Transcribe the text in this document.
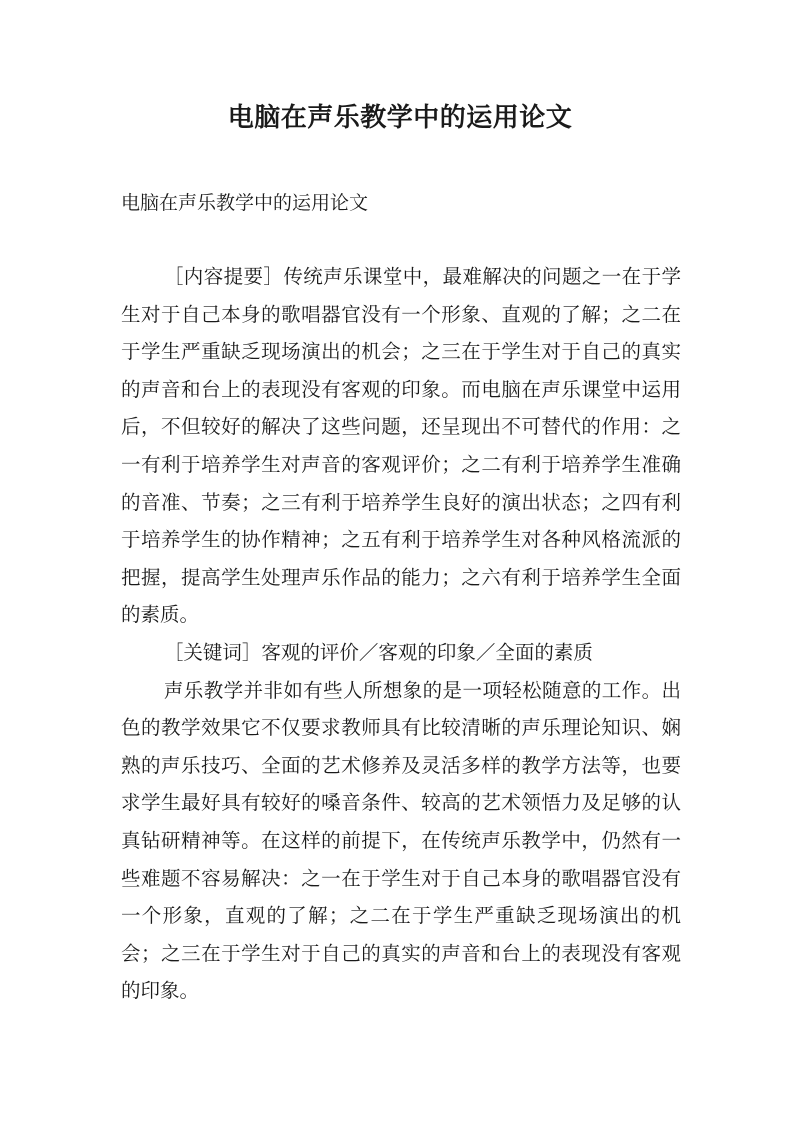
电脑在声乐教学中的运用论文
电脑在声乐教学中的运用论文

［内容提要］传统声乐课堂中，最难解决的问题之一在于学生对于自己本身的歌唱器官没有一个形象、直观的了解；之二在于学生严重缺乏现场演出的机会；之三在于学生对于自己的真实的声音和台上的表现没有客观的印象。而电脑在声乐课堂中运用后，不但较好的解决了这些问题，还呈现出不可替代的作用：之一有利于培养学生对声音的客观评价；之二有利于培养学生准确的音准、节奏；之三有利于培养学生良好的演出状态；之四有利于培养学生的协作精神；之五有利于培养学生对各种风格流派的把握，提高学生处理声乐作品的能力；之六有利于培养学生全面的素质。

［关键词］客观的评价／客观的印象／全面的素质

声乐教学并非如有些人所想象的是一项轻松随意的工作。出色的教学效果它不仅要求教师具有比较清晰的声乐理论知识、娴熟的声乐技巧、全面的艺术修养及灵活多样的教学方法等，也要求学生最好具有较好的嗓音条件、较高的艺术领悟力及足够的认真钻研精神等。在这样的前提下，在传统声乐教学中，仍然有一些难题不容易解决：之一在于学生对于自己本身的歌唱器官没有一个形象，直观的了解；之二在于学生严重缺乏现场演出的机会；之三在于学生对于自己的真实的声音和台上的表现没有客观的印象。
